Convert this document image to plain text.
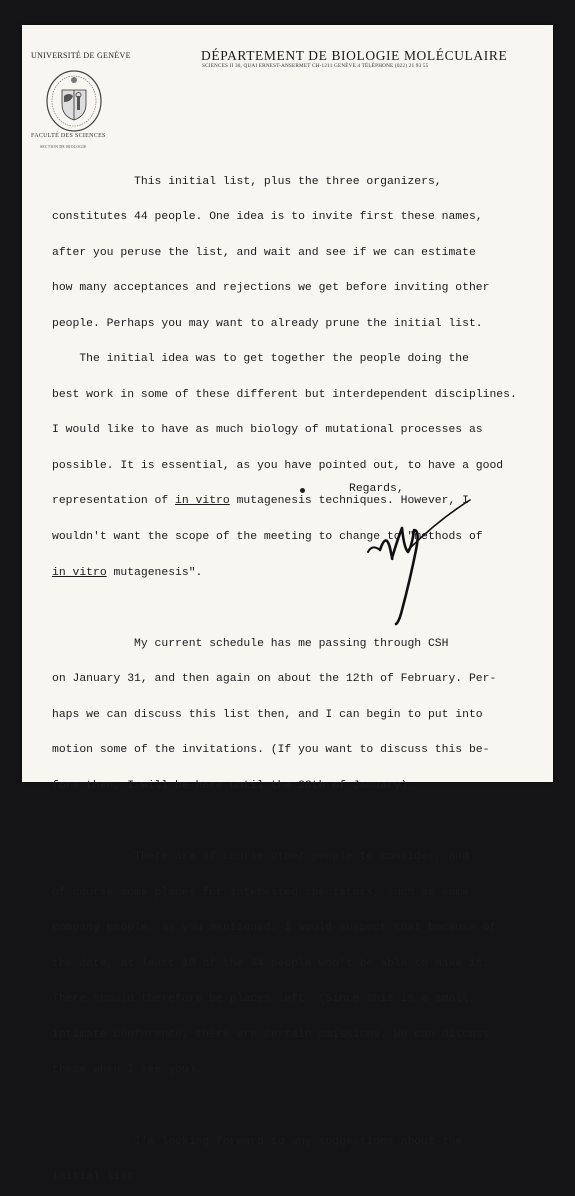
UNIVERSITÉ DE GENÈVE	DÉPARTEMENT DE BIOLOGIE MOLÉCULAIRE
SCIENCES II 30, QUAI ERNEST-ANSERMET CH-1211 GENÈVE 4 TÉLÉPHONE (022) 21 93 55
FACULTÉ DES SCIENCES
SECTION DE BIOLOGIE

This initial list, plus the three organizers,

constitutes 44 people. One idea is to invite first these names,

after you peruse the list, and wait and see if we can estimate

how many acceptances and rejections we get before inviting other

people. Perhaps you may want to already prune the initial list.

The initial idea was to get together the people doing the

best work in some of these different but interdependent disciplines.

I would like to have as much biology of mutational processes as

possible. It is essential, as you have pointed out, to have a good

representation of in vitro mutagenesis techniques. However, I

wouldn't want the scope of the meeting to change to "methods of

in vitro mutagenesis".

My current schedule has me passing through CSH

on January 31, and then again on about the 12th of February. Per-

haps we can discuss this list then, and I can begin to put into

motion some of the invitations. (If you want to discuss this be-

fore then, I will be here until the 28th of January).

There are of course other people to consider, and

of course some places for interested spectators, such as some

company people, as you mentioned. I would suspect that because of

the date, at least 10 of the 44 people won't be able to make it.

There should therefore be places left. (Since this is a small,

intimate conference, there are certain omissions. We can discuss

these when I see you).

I'm looking forward to any suggestions about the

initial list.

Regards,
